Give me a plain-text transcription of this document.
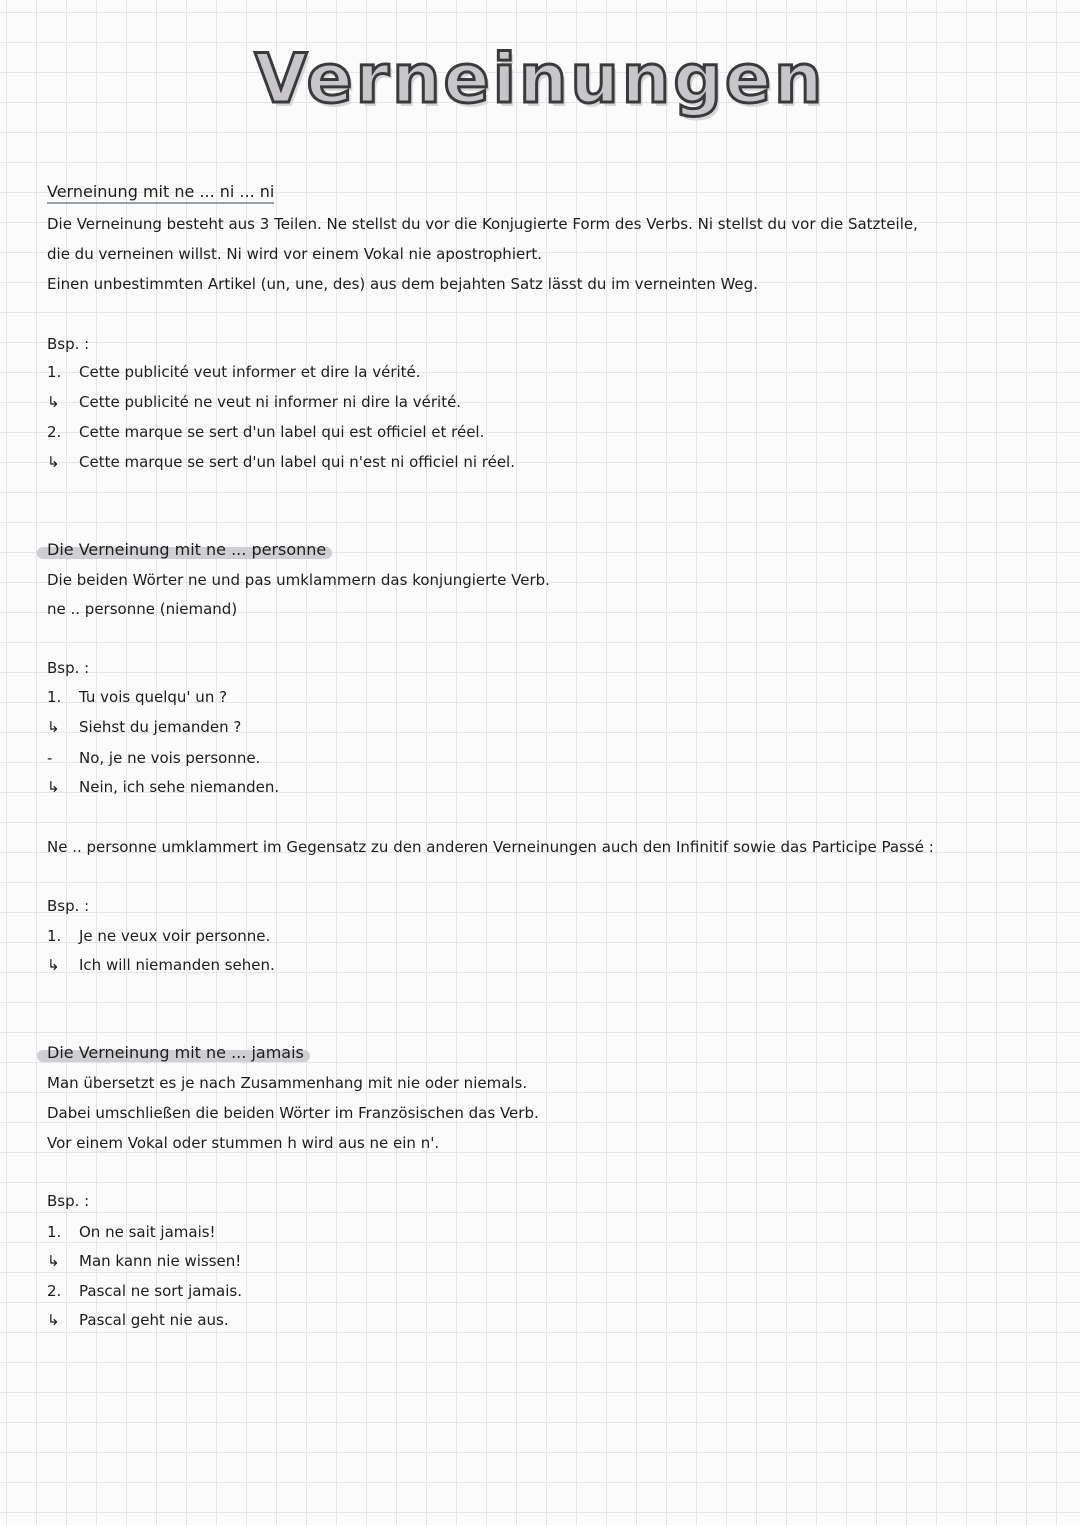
Verneinungen
Verneinung mit ne ... ni ... ni
Die Verneinung besteht aus 3 Teilen. Ne stellst du vor die Konjugierte Form des Verbs. Ni stellst du vor die Satzteile,
die du verneinen willst. Ni wird vor einem Vokal nie apostrophiert.
Einen unbestimmten Artikel (un, une, des) aus dem bejahten Satz lässt du im verneinten Weg.
Bsp. :
1. Cette publicité veut informer et dire la vérité.
↳ Cette publicité ne veut ni informer ni dire la vérité.
2. Cette marque se sert d'un label qui est officiel et réel.
↳ Cette marque se sert d'un label qui n'est ni officiel ni réel.
Die Verneinung mit ne ... personne
Die beiden Wörter ne und pas umklammern das konjungierte Verb.
ne .. personne (niemand)
Bsp. :
1. Tu vois quelqu' un ?
↳ Siehst du jemanden ?
- No, je ne vois personne.
↳ Nein, ich sehe niemanden.
Ne .. personne umklammert im Gegensatz zu den anderen Verneinungen auch den Infinitif sowie das Participe Passé :
Bsp. :
1. Je ne veux voir personne.
↳ Ich will niemanden sehen.
Die Verneinung mit ne ... jamais
Man übersetzt es je nach Zusammenhang mit nie oder niemals.
Dabei umschließen die beiden Wörter im Französischen das Verb.
Vor einem Vokal oder stummen h wird aus ne ein n'.
Bsp. :
1. On ne sait jamais!
↳ Man kann nie wissen!
2. Pascal ne sort jamais.
↳ Pascal geht nie aus.
